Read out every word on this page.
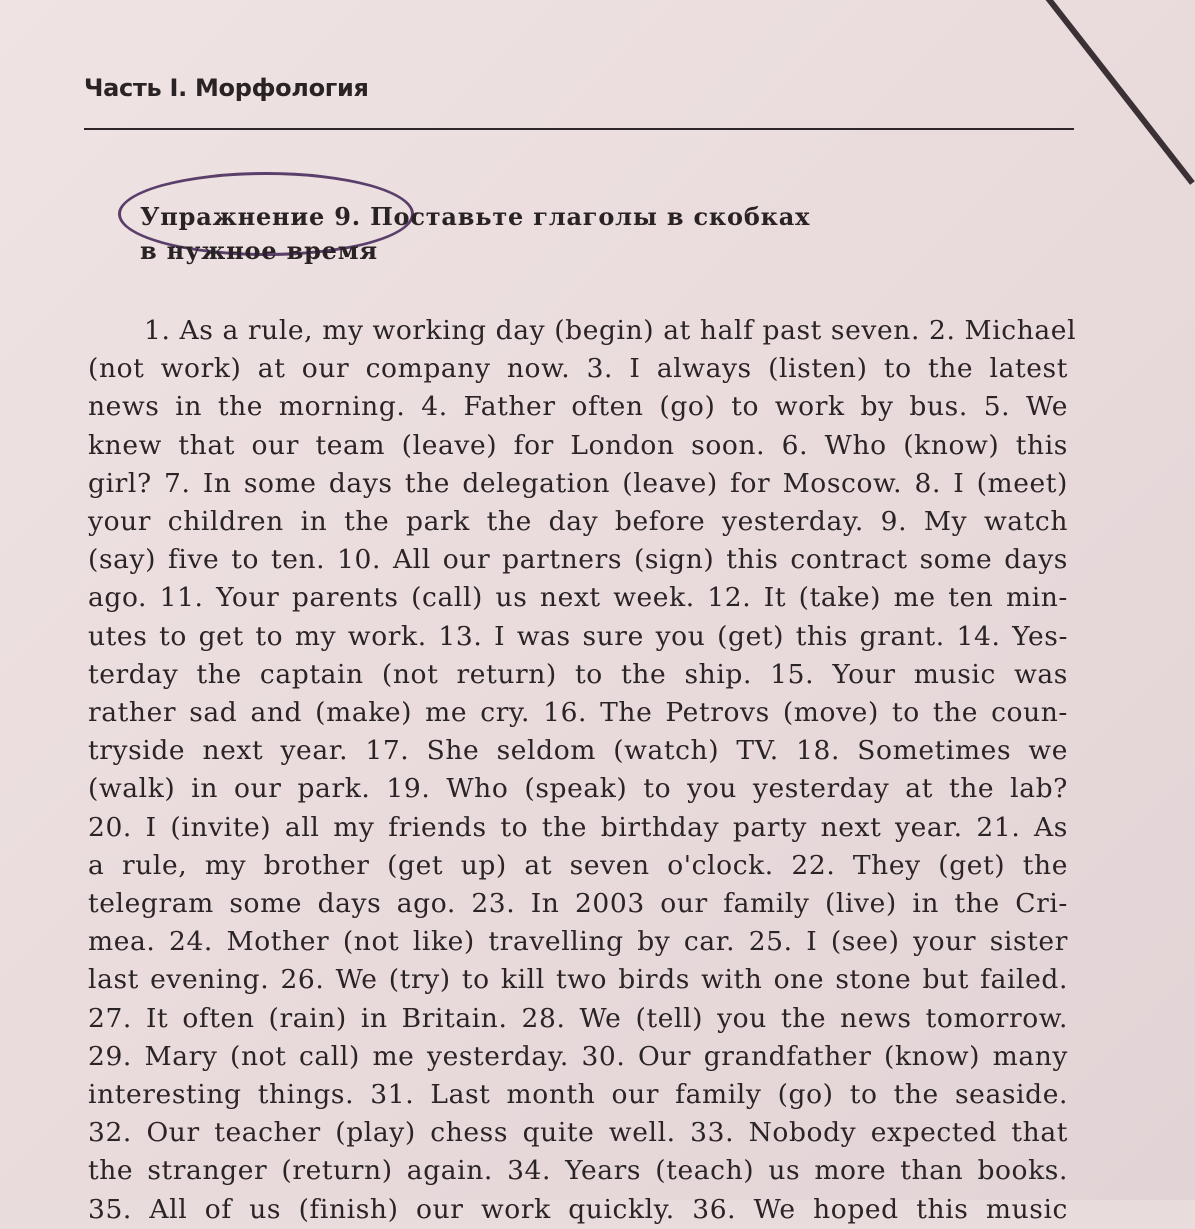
Часть I. Морфология
Упражнение 9. Поставьте глаголы в скобках
в нужное время
1. As a rule, my working day (begin) at half past seven. 2. Michael
(not work) at our company now. 3. I always (listen) to the latest
news in the morning. 4. Father often (go) to work by bus. 5. We
knew that our team (leave) for London soon. 6. Who (know) this
girl? 7. In some days the delegation (leave) for Moscow. 8. I (meet)
your children in the park the day before yesterday. 9. My watch
(say) five to ten. 10. All our partners (sign) this contract some days
ago. 11. Your parents (call) us next week. 12. It (take) me ten min-
utes to get to my work. 13. I was sure you (get) this grant. 14. Yes-
terday the captain (not return) to the ship. 15. Your music was
rather sad and (make) me cry. 16. The Petrovs (move) to the coun-
tryside next year. 17. She seldom (watch) TV. 18. Sometimes we
(walk) in our park. 19. Who (speak) to you yesterday at the lab?
20. I (invite) all my friends to the birthday party next year. 21. As
a rule, my brother (get up) at seven o'clock. 22. They (get) the
telegram some days ago. 23. In 2003 our family (live) in the Cri-
mea. 24. Mother (not like) travelling by car. 25. I (see) your sister
last evening. 26. We (try) to kill two birds with one stone but failed.
27. It often (rain) in Britain. 28. We (tell) you the news tomorrow.
29. Mary (not call) me yesterday. 30. Our grandfather (know) many
interesting things. 31. Last month our family (go) to the seaside.
32. Our teacher (play) chess quite well. 33. Nobody expected that
the stranger (return) again. 34. Years (teach) us more than books.
35. All of us (finish) our work quickly. 36. We hoped this music
